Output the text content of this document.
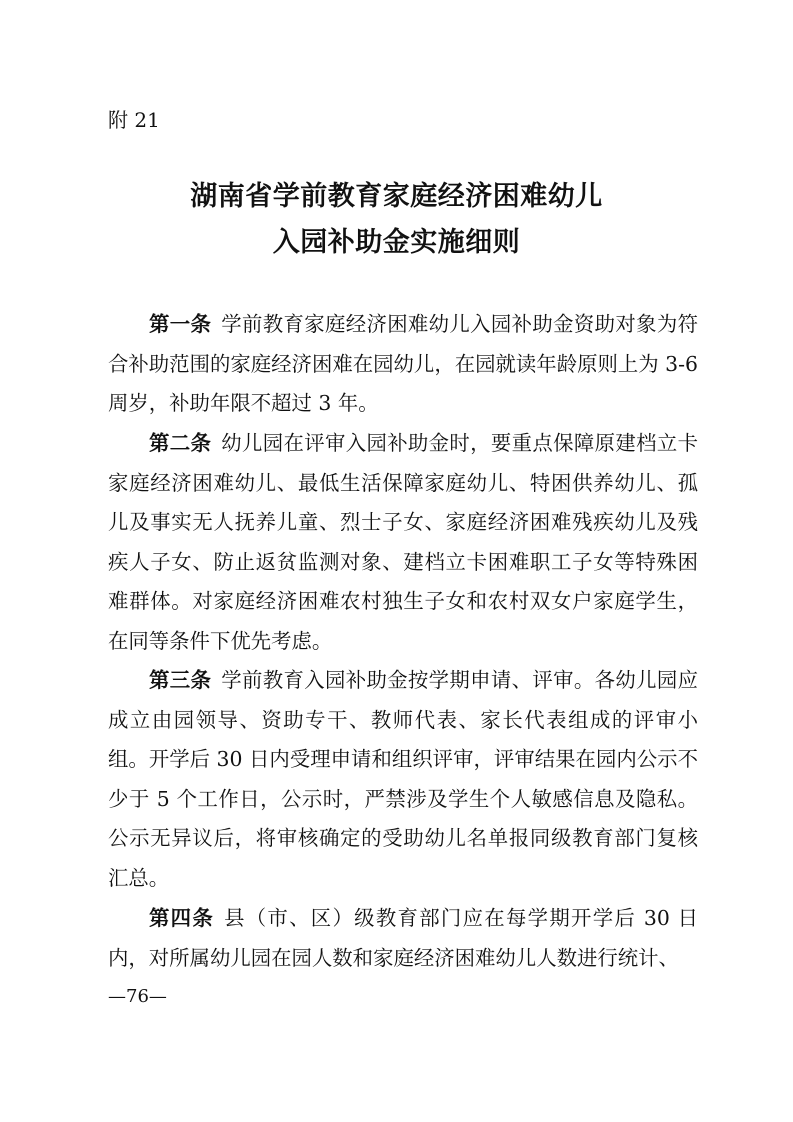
附 21
湖南省学前教育家庭经济困难幼儿
入园补助金实施细则

第一条 学前教育家庭经济困难幼儿入园补助金资助对象为符合补助范围的家庭经济困难在园幼儿，在园就读年龄原则上为 3-6 周岁，补助年限不超过 3 年。

第二条 幼儿园在评审入园补助金时，要重点保障原建档立卡家庭经济困难幼儿、最低生活保障家庭幼儿、特困供养幼儿、孤儿及事实无人抚养儿童、烈士子女、家庭经济困难残疾幼儿及残疾人子女、防止返贫监测对象、建档立卡困难职工子女等特殊困难群体。对家庭经济困难农村独生子女和农村双女户家庭学生，在同等条件下优先考虑。

第三条 学前教育入园补助金按学期申请、评审。各幼儿园应成立由园领导、资助专干、教师代表、家长代表组成的评审小组。开学后 30 日内受理申请和组织评审，评审结果在园内公示不少于 5 个工作日，公示时，严禁涉及学生个人敏感信息及隐私。公示无异议后，将审核确定的受助幼儿名单报同级教育部门复核汇总。

第四条 县（市、区）级教育部门应在每学期开学后 30 日内，对所属幼儿园在园人数和家庭经济困难幼儿人数进行统计、

—76—
